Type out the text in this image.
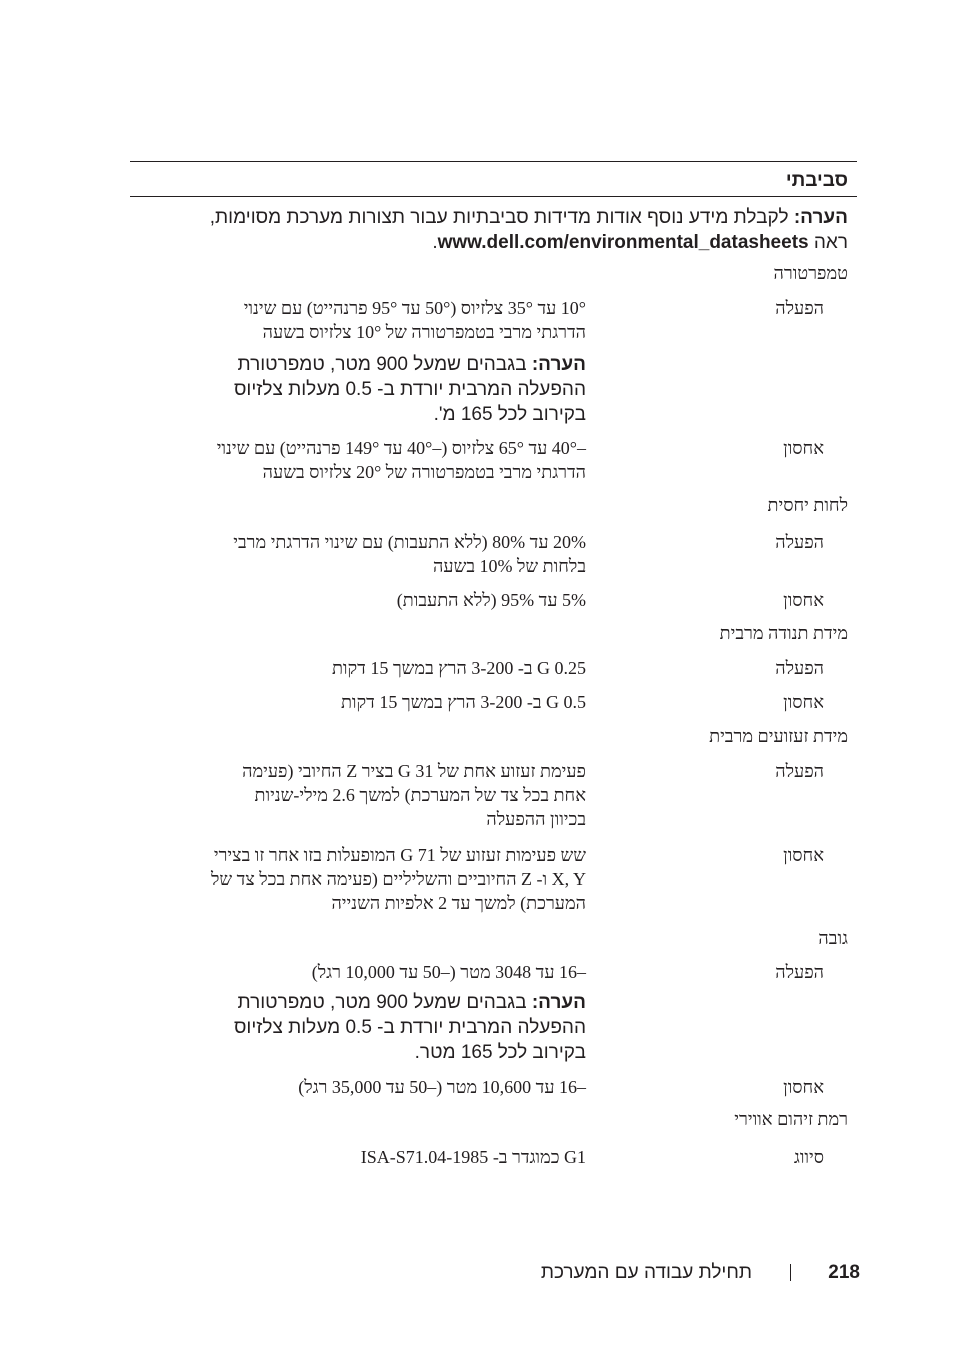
סביבתי
הערה: לקבלת מידע נוסף אודות מדידות סביבתיות עבור תצורות מערכת מסוימות, ראה www.dell.com/environmental_datasheets.
טמפרטורה
הפעלה
10° עד 35° צלזיוס (50° עד 95° פרנהייט) עם שינוי
הדרגתי מרבי בטמפרטורה של 10° צלזיוס בשעה
הערה: בגבהים שמעל 900 מטר, טמפרטורת
ההפעלה המרבית יורדת ב- 0.5 מעלות צלזיוס
בקירוב לכל 165 מ'.
אחסון
–40° עד 65° צלזיוס (–40° עד 149° פרנהייט) עם שינוי
הדרגתי מרבי בטמפרטורה של 20° צלזיוס בשעה
לחות יחסית
הפעלה
20% עד 80% (ללא התעבות) עם שינוי הדרגתי מרבי
בלחות של 10% בשעה
אחסון
5% עד 95% (ללא התעבות)
מידת תנודה מרבית
הפעלה
0.25 G ב- 3-200 הרץ במשך 15 דקות
אחסון
0.5 G ב- 3-200 הרץ במשך 15 דקות
מידת זעזועים מרבית
הפעלה
פעימת זעזוע אחת של 31 G בציר Z החיובי (פעימה
אחת בכל צד של המערכת) למשך 2.6 מילי-שניות
בכיוון ההפעלה
אחסון
שש פעימות זעזוע של 71 G המופעלות בזו אחר זו בצירי
X, Y ו- Z החיוביים והשליליים (פעימה אחת בכל צד של
המערכת) למשך עד 2 אלפיות השנייה
גובה
הפעלה
–16 עד 3048 מטר (–50 עד 10,000 רגל)
הערה: בגבהים שמעל 900 מטר, טמפרטורת
ההפעלה המרבית יורדת ב- 0.5 מעלות צלזיוס
בקירוב לכל 165 מטר.
אחסון
–16 עד 10,600 מטר (–50 עד 35,000 רגל)
רמת זיהום אווירי
סיווג
G1 כמוגדר ב- ISA-S71.04-1985
218
תחילת עבודה עם המערכת
